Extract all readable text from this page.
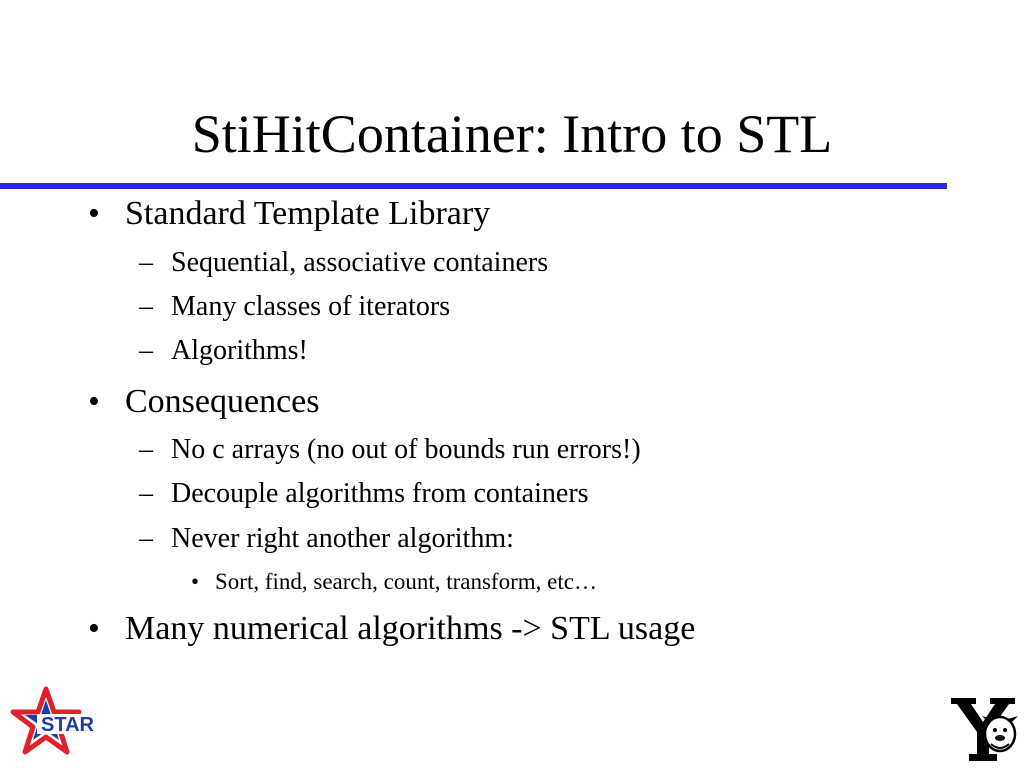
StiHitContainer: Intro to STL
• Standard Template Library
– Sequential, associative containers
– Many classes of iterators
– Algorithms!
• Consequences
– No c arrays (no out of bounds run errors!)
– Decouple algorithms from containers
– Never right another algorithm:
• Sort, find, search, count, transform, etc…
• Many numerical algorithms -> STL usage
STAR
